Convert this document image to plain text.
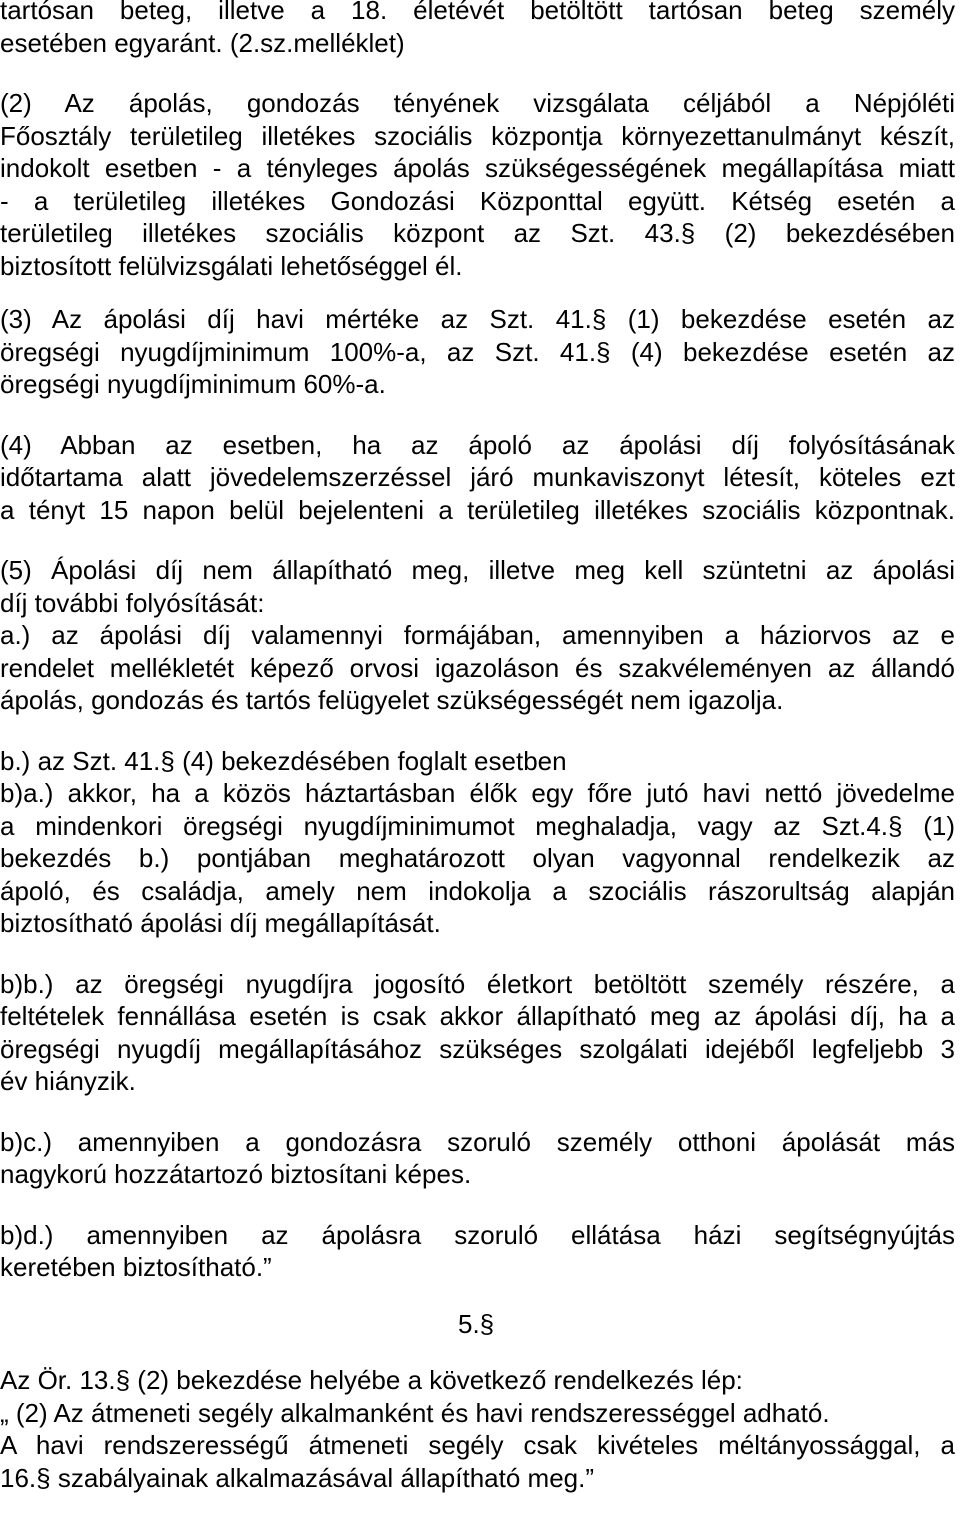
tartósan beteg, illetve a 18. életévét betöltött tartósan beteg személy
esetében egyaránt. (2.sz.melléklet)
(2) Az ápolás, gondozás tényének vizsgálata céljából a Népjóléti
Főosztály területileg illetékes szociális központja környezettanulmányt készít,
indokolt esetben - a tényleges ápolás szükségességének megállapítása miatt
- a területileg illetékes Gondozási Központtal együtt. Kétség esetén a
területileg illetékes szociális központ az Szt. 43.§ (2) bekezdésében
biztosított felülvizsgálati lehetőséggel él.
(3) Az ápolási díj havi mértéke az Szt. 41.§ (1) bekezdése esetén az
öregségi nyugdíjminimum 100%-a, az Szt. 41.§ (4) bekezdése esetén az
öregségi nyugdíjminimum 60%-a.
(4) Abban az esetben, ha az ápoló az ápolási díj folyósításának
időtartama alatt jövedelemszerzéssel járó munkaviszonyt létesít, köteles ezt
a tényt 15 napon belül bejelenteni a területileg illetékes szociális központnak.
(5) Ápolási díj nem állapítható meg, illetve meg kell szüntetni az ápolási
díj további folyósítását:
a.) az ápolási díj valamennyi formájában, amennyiben a háziorvos az e
rendelet mellékletét képező orvosi igazoláson és szakvéleményen az állandó
ápolás, gondozás és tartós felügyelet szükségességét nem igazolja.
b.) az Szt. 41.§ (4) bekezdésében foglalt esetben
b)a.) akkor, ha a közös háztartásban élők egy főre jutó havi nettó jövedelme
a mindenkori öregségi nyugdíjminimumot meghaladja, vagy az Szt.4.§ (1)
bekezdés b.) pontjában meghatározott olyan vagyonnal rendelkezik az
ápoló, és családja, amely nem indokolja a szociális rászorultság alapján
biztosítható ápolási díj megállapítását.
b)b.) az öregségi nyugdíjra jogosító életkort betöltött személy részére, a
feltételek fennállása esetén is csak akkor állapítható meg az ápolási díj, ha a
öregségi nyugdíj megállapításához szükséges szolgálati idejéből legfeljebb 3
év hiányzik.
b)c.) amennyiben a gondozásra szoruló személy otthoni ápolását más
nagykorú hozzátartozó biztosítani képes.
b)d.) amennyiben az ápolásra szoruló ellátása házi segítségnyújtás
keretében biztosítható.”
5.§
Az Ör. 13.§ (2) bekezdése helyébe a következő rendelkezés lép:
„ (2) Az átmeneti segély alkalmanként és havi rendszerességgel adható.
A havi rendszerességű átmeneti segély csak kivételes méltányossággal, a
16.§ szabályainak alkalmazásával állapítható meg.”
